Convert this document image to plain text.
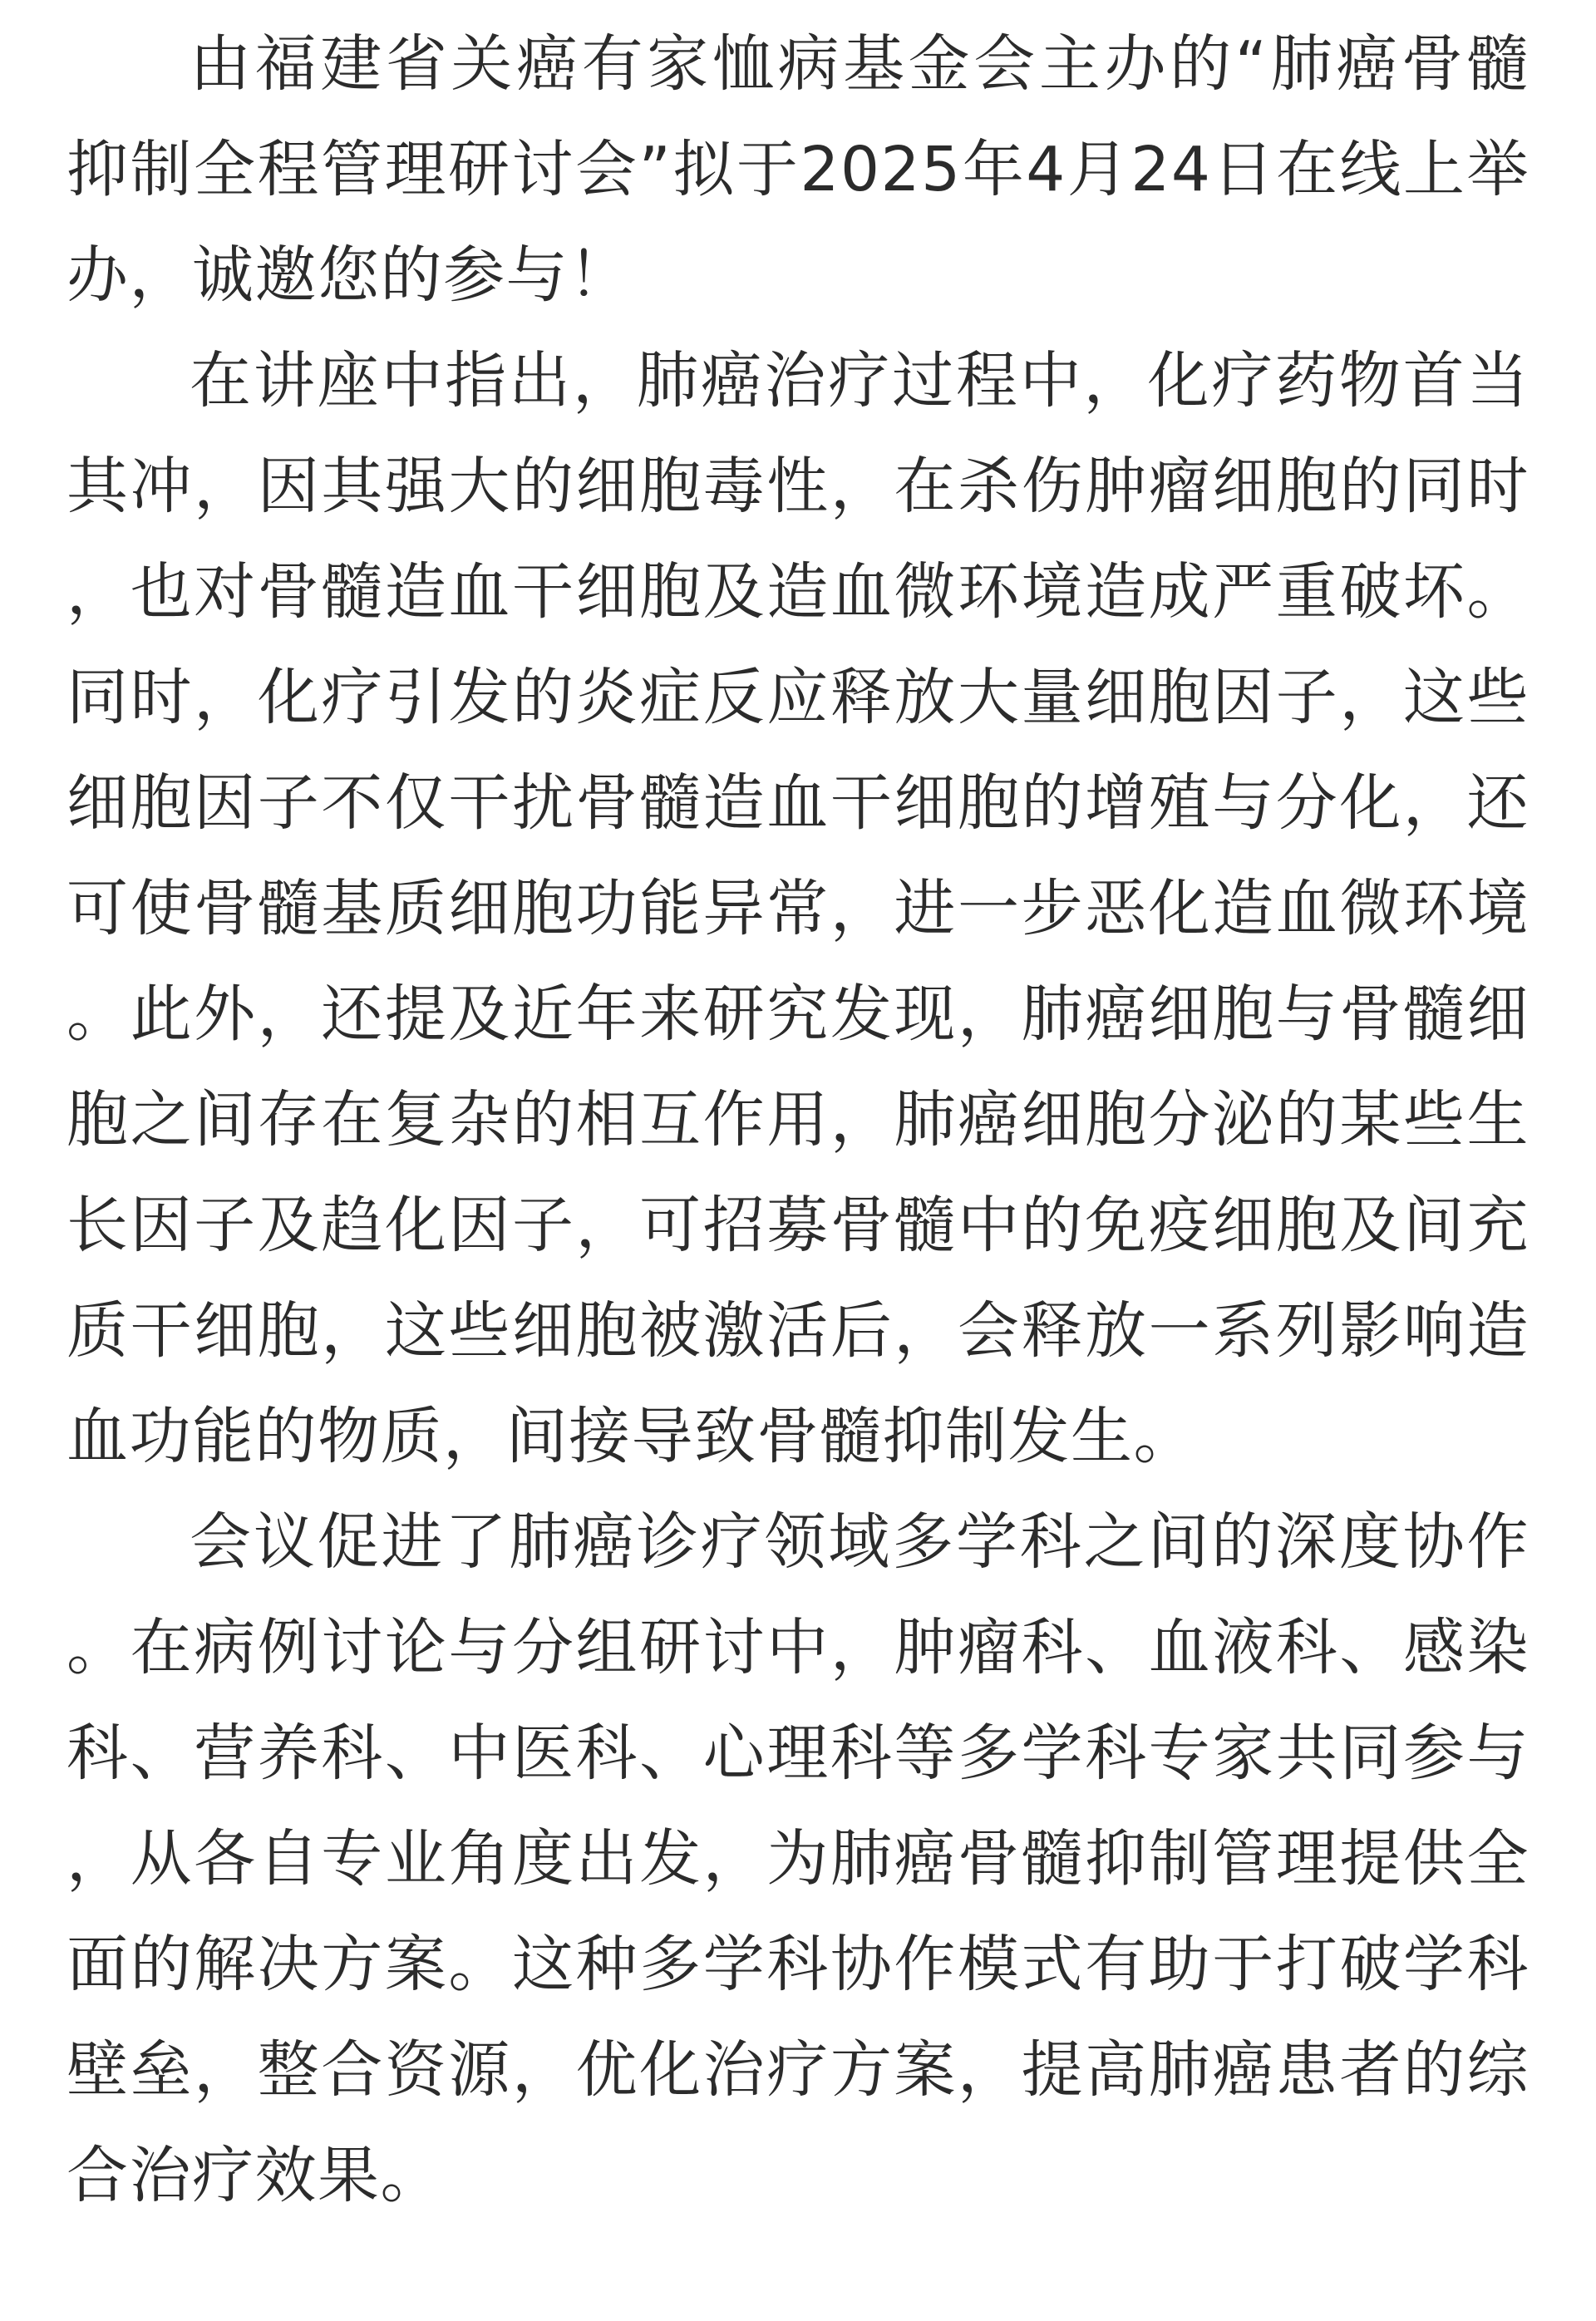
由福建省关癌有家恤病基金会主办的“肺癌骨髓抑制全程管理研讨会”拟于2025年4月24日在线上举办，诚邀您的参与！

在讲座中指出，肺癌治疗过程中，化疗药物首当其冲，因其强大的细胞毒性，在杀伤肿瘤细胞的同时，也对骨髓造血干细胞及造血微环境造成严重破坏。同时，化疗引发的炎症反应释放大量细胞因子，这些细胞因子不仅干扰骨髓造血干细胞的增殖与分化，还可使骨髓基质细胞功能异常，进一步恶化造血微环境。此外，还提及近年来研究发现，肺癌细胞与骨髓细胞之间存在复杂的相互作用，肺癌细胞分泌的某些生长因子及趋化因子，可招募骨髓中的免疫细胞及间充质干细胞，这些细胞被激活后，会释放一系列影响造血功能的物质，间接导致骨髓抑制发生。

会议促进了肺癌诊疗领域多学科之间的深度协作。在病例讨论与分组研讨中，肿瘤科、血液科、感染科、营养科、中医科、心理科等多学科专家共同参与，从各自专业角度出发，为肺癌骨髓抑制管理提供全面的解决方案。这种多学科协作模式有助于打破学科壁垒，整合资源，优化治疗方案，提高肺癌患者的综合治疗效果。
